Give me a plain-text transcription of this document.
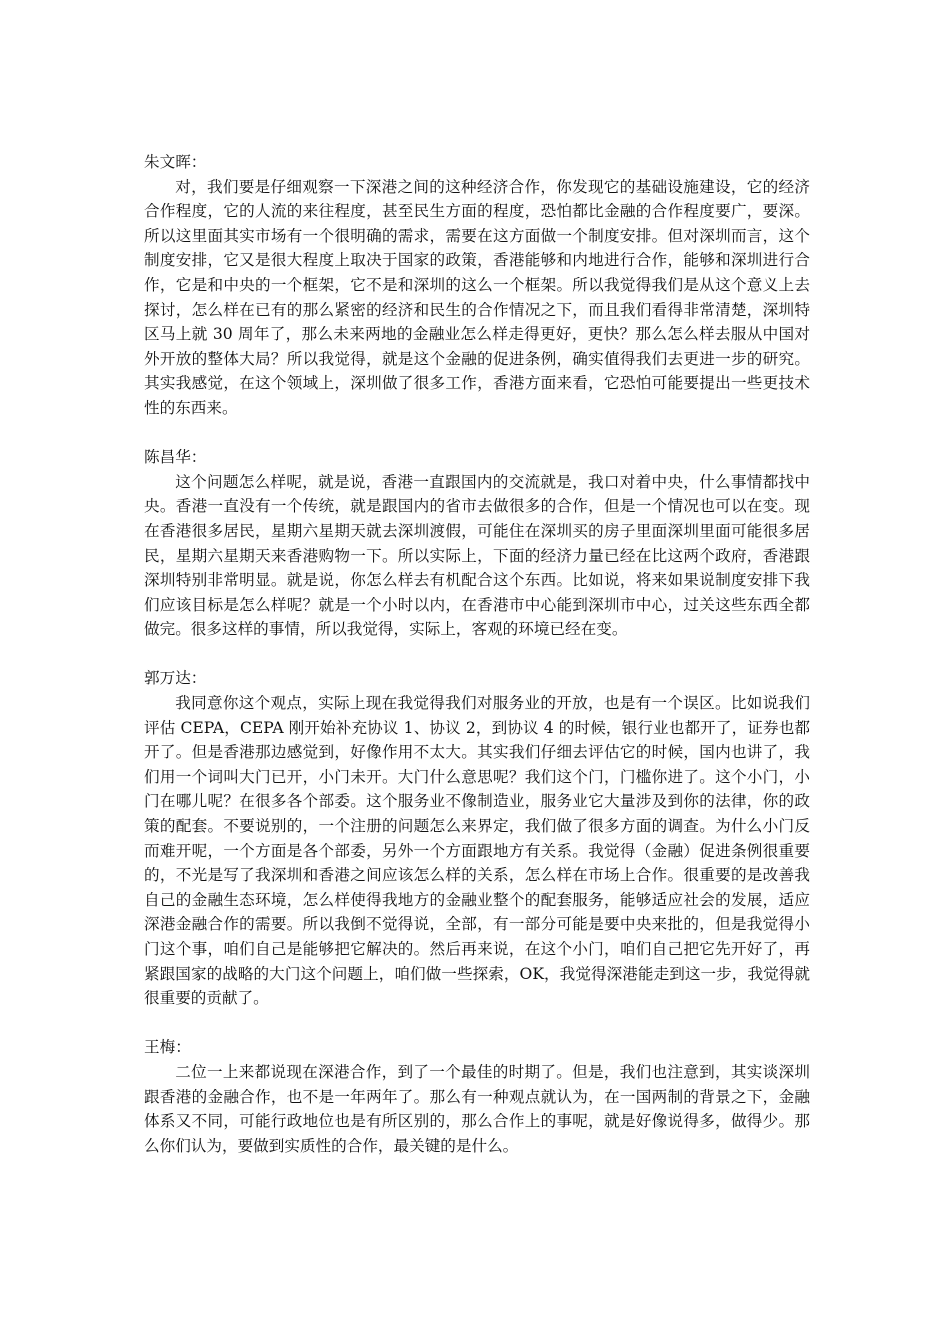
朱文晖：
对，我们要是仔细观察一下深港之间的这种经济合作，你发现它的基础设施建设，它的经济合作程度，它的人流的来往程度，甚至民生方面的程度，恐怕都比金融的合作程度要广，要深。所以这里面其实市场有一个很明确的需求，需要在这方面做一个制度安排。但对深圳而言，这个制度安排，它又是很大程度上取决于国家的政策，香港能够和内地进行合作，能够和深圳进行合作，它是和中央的一个框架，它不是和深圳的这么一个框架。所以我觉得我们是从这个意义上去探讨，怎么样在已有的那么紧密的经济和民生的合作情况之下，而且我们看得非常清楚，深圳特区马上就 30 周年了，那么未来两地的金融业怎么样走得更好，更快？那么怎么样去服从中国对外开放的整体大局？所以我觉得，就是这个金融的促进条例，确实值得我们去更进一步的研究。其实我感觉，在这个领域上，深圳做了很多工作，香港方面来看，它恐怕可能要提出一些更技术性的东西来。
陈昌华：
这个问题怎么样呢，就是说，香港一直跟国内的交流就是，我口对着中央，什么事情都找中央。香港一直没有一个传统，就是跟国内的省市去做很多的合作，但是一个情况也可以在变。现在香港很多居民，星期六星期天就去深圳渡假，可能住在深圳买的房子里面深圳里面可能很多居民，星期六星期天来香港购物一下。所以实际上，下面的经济力量已经在比这两个政府，香港跟深圳特别非常明显。就是说，你怎么样去有机配合这个东西。比如说，将来如果说制度安排下我们应该目标是怎么样呢？就是一个小时以内，在香港市中心能到深圳市中心，过关这些东西全都做完。很多这样的事情，所以我觉得，实际上，客观的环境已经在变。
郭万达：
我同意你这个观点，实际上现在我觉得我们对服务业的开放，也是有一个误区。比如说我们评估 CEPA，CEPA 刚开始补充协议 1、协议 2，到协议 4 的时候，银行业也都开了，证券也都开了。但是香港那边感觉到，好像作用不太大。其实我们仔细去评估它的时候，国内也讲了，我们用一个词叫大门已开，小门未开。大门什么意思呢？我们这个门，门槛你进了。这个小门，小门在哪儿呢？在很多各个部委。这个服务业不像制造业，服务业它大量涉及到你的法律，你的政策的配套。不要说别的，一个注册的问题怎么来界定，我们做了很多方面的调查。为什么小门反而难开呢，一个方面是各个部委，另外一个方面跟地方有关系。我觉得（金融）促进条例很重要的，不光是写了我深圳和香港之间应该怎么样的关系，怎么样在市场上合作。很重要的是改善我自己的金融生态环境，怎么样使得我地方的金融业整个的配套服务，能够适应社会的发展，适应深港金融合作的需要。所以我倒不觉得说，全部，有一部分可能是要中央来批的，但是我觉得小门这个事，咱们自己是能够把它解决的。然后再来说，在这个小门，咱们自己把它先开好了，再紧跟国家的战略的大门这个问题上，咱们做一些探索，OK，我觉得深港能走到这一步，我觉得就很重要的贡献了。
王梅：
二位一上来都说现在深港合作，到了一个最佳的时期了。但是，我们也注意到，其实谈深圳跟香港的金融合作，也不是一年两年了。那么有一种观点就认为，在一国两制的背景之下，金融体系又不同，可能行政地位也是有所区别的，那么合作上的事呢，就是好像说得多，做得少。那么你们认为，要做到实质性的合作，最关键的是什么。
